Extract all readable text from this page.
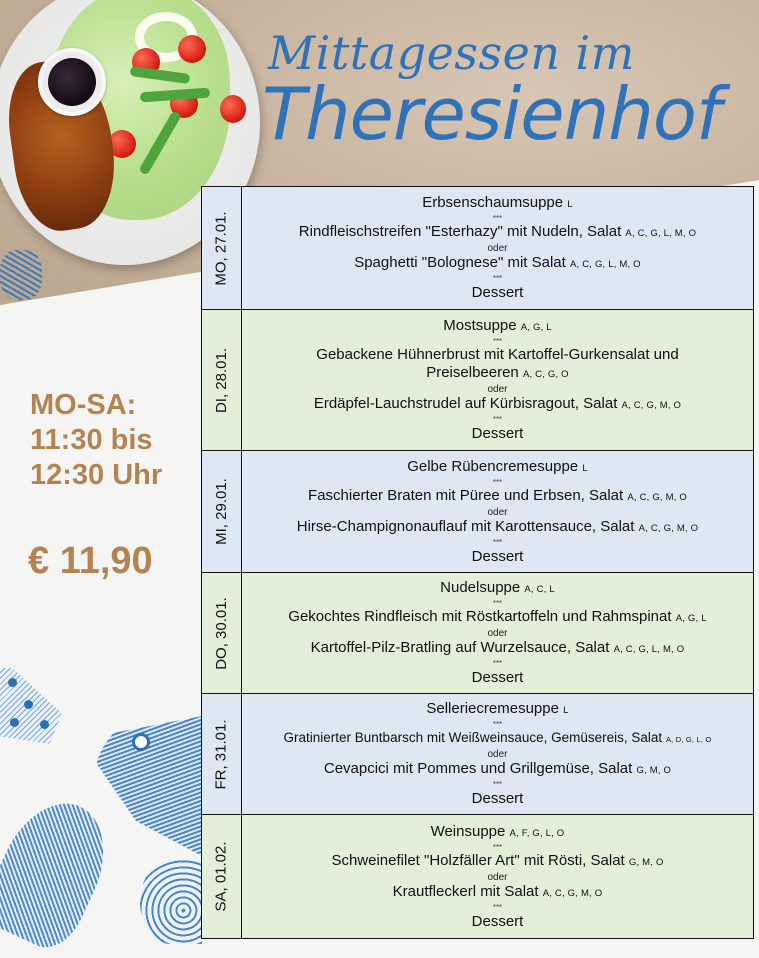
Mittagessen im
Theresienhof
MO-SA:
11:30 bis
12:30 Uhr
€ 11,90
MO, 27.01.
Erbsenschaumsuppe L
***
Rindfleischstreifen "Esterhazy" mit Nudeln, Salat A, C, G, L, M, O
oder
Spaghetti "Bolognese" mit Salat A, C, G, L, M, O
***
Dessert
DI, 28.01.
Mostsuppe A, G, L
***
Gebackene Hühnerbrust mit Kartoffel-Gurkensalat und Preiselbeeren A, C, G, O
oder
Erdäpfel-Lauchstrudel auf Kürbisragout, Salat A, C, G, M, O
***
Dessert
MI, 29.01.
Gelbe Rübencremesuppe L
***
Faschierter Braten mit Püree und Erbsen, Salat A, C, G, M, O
oder
Hirse-Champignonauflauf mit Karottensauce, Salat A, C, G, M, O
***
Dessert
DO, 30.01.
Nudelsuppe A, C, L
***
Gekochtes Rindfleisch mit Röstkartoffeln und Rahmspinat A, G, L
oder
Kartoffel-Pilz-Bratling auf Wurzelsauce, Salat A, C, G, L, M, O
***
Dessert
FR, 31.01.
Selleriecremesuppe L
***
Gratinierter Buntbarsch mit Weißweinsauce, Gemüsereis, Salat A, D, G, L, O
oder
Cevapcici mit Pommes und Grillgemüse, Salat G, M, O
***
Dessert
SA, 01.02.
Weinsuppe A, F, G, L, O
***
Schweinefilet "Holzfäller Art" mit Rösti, Salat G, M, O
oder
Krautfleckerl mit Salat A, C, G, M, O
***
Dessert
